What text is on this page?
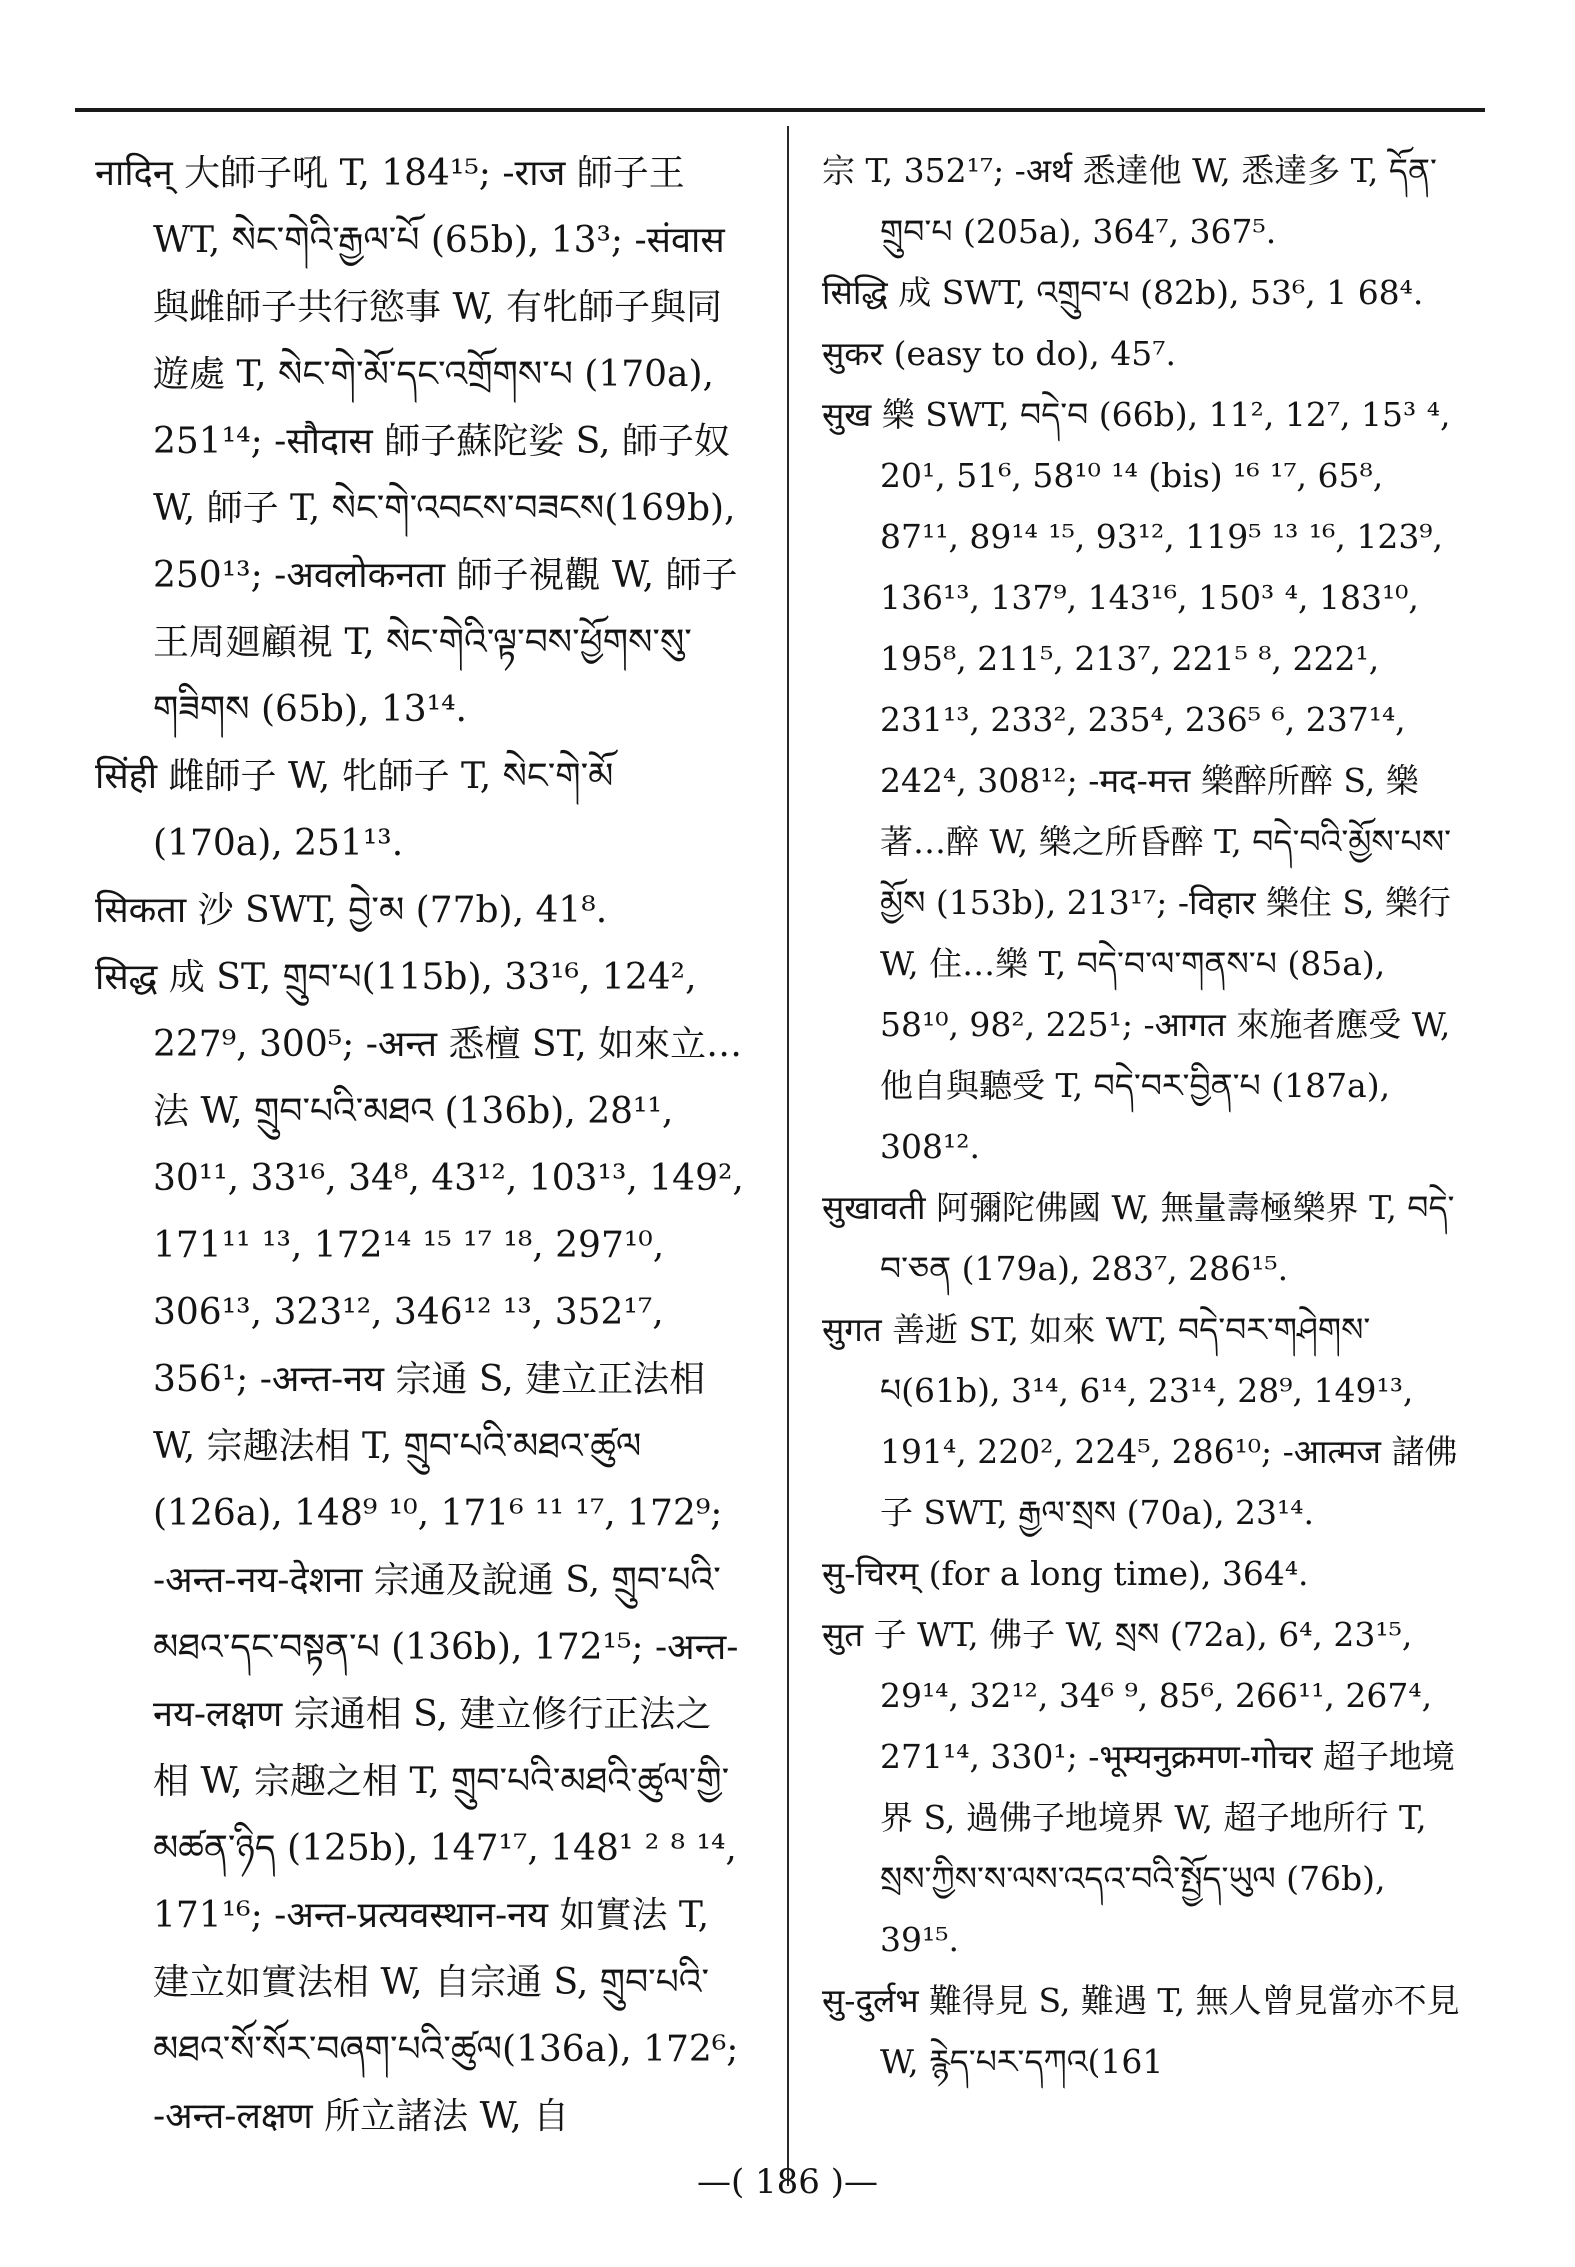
नादिन् 大師子吼 T, 184¹⁵; -राज 師子王 WT, སེང་གེའི་རྒྱལ་པོ (65b), 13³; -संवास 與雌師子共行慾事 W, 有牝師子與同遊處 T, སེང་གེ་མོ་དང་འགྲོགས་པ (170a), 251¹⁴; -सौदास 師子蘇陀娑 S, 師子奴 W, 師子 T, སེང་གེ་འབངས་བཟངས(169b), 250¹³; -अवलोकनता 師子視觀 W, 師子王周廻顧視 T, སེང་གེའི་ལྟ་བས་ཕྱོགས་སུ་གཟིགས (65b), 13¹⁴.

सिंही 雌師子 W, 牝師子 T, སེང་གེ་མོ (170a), 251¹³.

सिकता 沙 SWT, བྱེ་མ (77b), 41⁸.

सिद्ध 成 ST, གྲུབ་པ(115b), 33¹⁶, 124², 227⁹, 300⁵; -अन्त 悉檀 ST, 如來立…法 W, གྲུབ་པའི་མཐའ (136b), 28¹¹, 30¹¹, 33¹⁶, 34⁸, 43¹², 103¹³, 149², 171¹¹ ¹³, 172¹⁴ ¹⁵ ¹⁷ ¹⁸, 297¹⁰, 306¹³, 323¹², 346¹² ¹³, 352¹⁷, 356¹; -अन्त-नय 宗通 S, 建立正法相 W, 宗趣法相 T, གྲུབ་པའི་མཐའ་ཚུལ (126a), 148⁹ ¹⁰, 171⁶ ¹¹ ¹⁷, 172⁹; -अन्त-नय-देशना 宗通及說通 S, གྲུབ་པའི་མཐའ་དང་བསྟན་པ (136b), 172¹⁵; -अन्त-नय-लक्षण 宗通相 S, 建立修行正法之相 W, 宗趣之相 T, གྲུབ་པའི་མཐའི་ཚུལ་གྱི་མཚན་ཉིད (125b), 147¹⁷, 148¹ ² ⁸ ¹⁴, 171¹⁶; -अन्त-प्रत्यवस्थान-नय 如實法 T, 建立如實法相 W, 自宗通 S, གྲུབ་པའི་མཐའ་སོ་སོར་བཞག་པའི་ཚུལ(136a), 172⁶; -अन्त-लक्षण 所立諸法 W, 自

宗 T, 352¹⁷; -अर्थ 悉達他 W, 悉達多 T, དོན་གྲུབ་པ (205a), 364⁷, 367⁵.

सिद्धि 成 SWT, འགྲུབ་པ (82b), 53⁶, 1 68⁴.

सुकर (easy to do), 45⁷.

सुख 樂 SWT, བདེ་བ (66b), 11², 12⁷, 15³ ⁴, 20¹, 51⁶, 58¹⁰ ¹⁴ (bis) ¹⁶ ¹⁷, 65⁸, 87¹¹, 89¹⁴ ¹⁵, 93¹², 119⁵ ¹³ ¹⁶, 123⁹, 136¹³, 137⁹, 143¹⁶, 150³ ⁴, 183¹⁰, 195⁸, 211⁵, 213⁷, 221⁵ ⁸, 222¹, 231¹³, 233², 235⁴, 236⁵ ⁶, 237¹⁴, 242⁴, 308¹²; -मद-मत्त 樂醉所醉 S, 樂著…醉 W, 樂之所昏醉 T, བདེ་བའི་མྱོས་པས་མྱོས (153b), 213¹⁷; -विहार 樂住 S, 樂行 W, 住…樂 T, བདེ་བ་ལ་གནས་པ (85a), 58¹⁰, 98², 225¹; -आगत 來施者應受 W, 他自與聽受 T, བདེ་བར་བྱིན་པ (187a), 308¹².

सुखावती 阿彌陀佛國 W, 無量壽極樂界 T, བདེ་བ་ཅན (179a), 283⁷, 286¹⁵.

सुगत 善逝 ST, 如來 WT, བདེ་བར་གཤེགས་པ(61b), 3¹⁴, 6¹⁴, 23¹⁴, 28⁹, 149¹³, 191⁴, 220², 224⁵, 286¹⁰; -आत्मज 諸佛子 SWT, རྒྱལ་སྲས (70a), 23¹⁴.

सु-चिरम् (for a long time), 364⁴.

सुत 子 WT, 佛子 W, སྲས (72a), 6⁴, 23¹⁵, 29¹⁴, 32¹², 34⁶ ⁹, 85⁶, 266¹¹, 267⁴, 271¹⁴, 330¹; -भूम्यनुक्रमण-गोचर 超子地境界 S, 過佛子地境界 W, 超子地所行 T, སྲས་ཀྱིས་ས་ལས་འདའ་བའི་སྤྱོད་ཡུལ (76b), 39¹⁵.

सु-दुर्लभ 難得見 S, 難遇 T, 無人曾見當亦不見 W, རྙེད་པར་དཀའ(161

—( 186 )—
